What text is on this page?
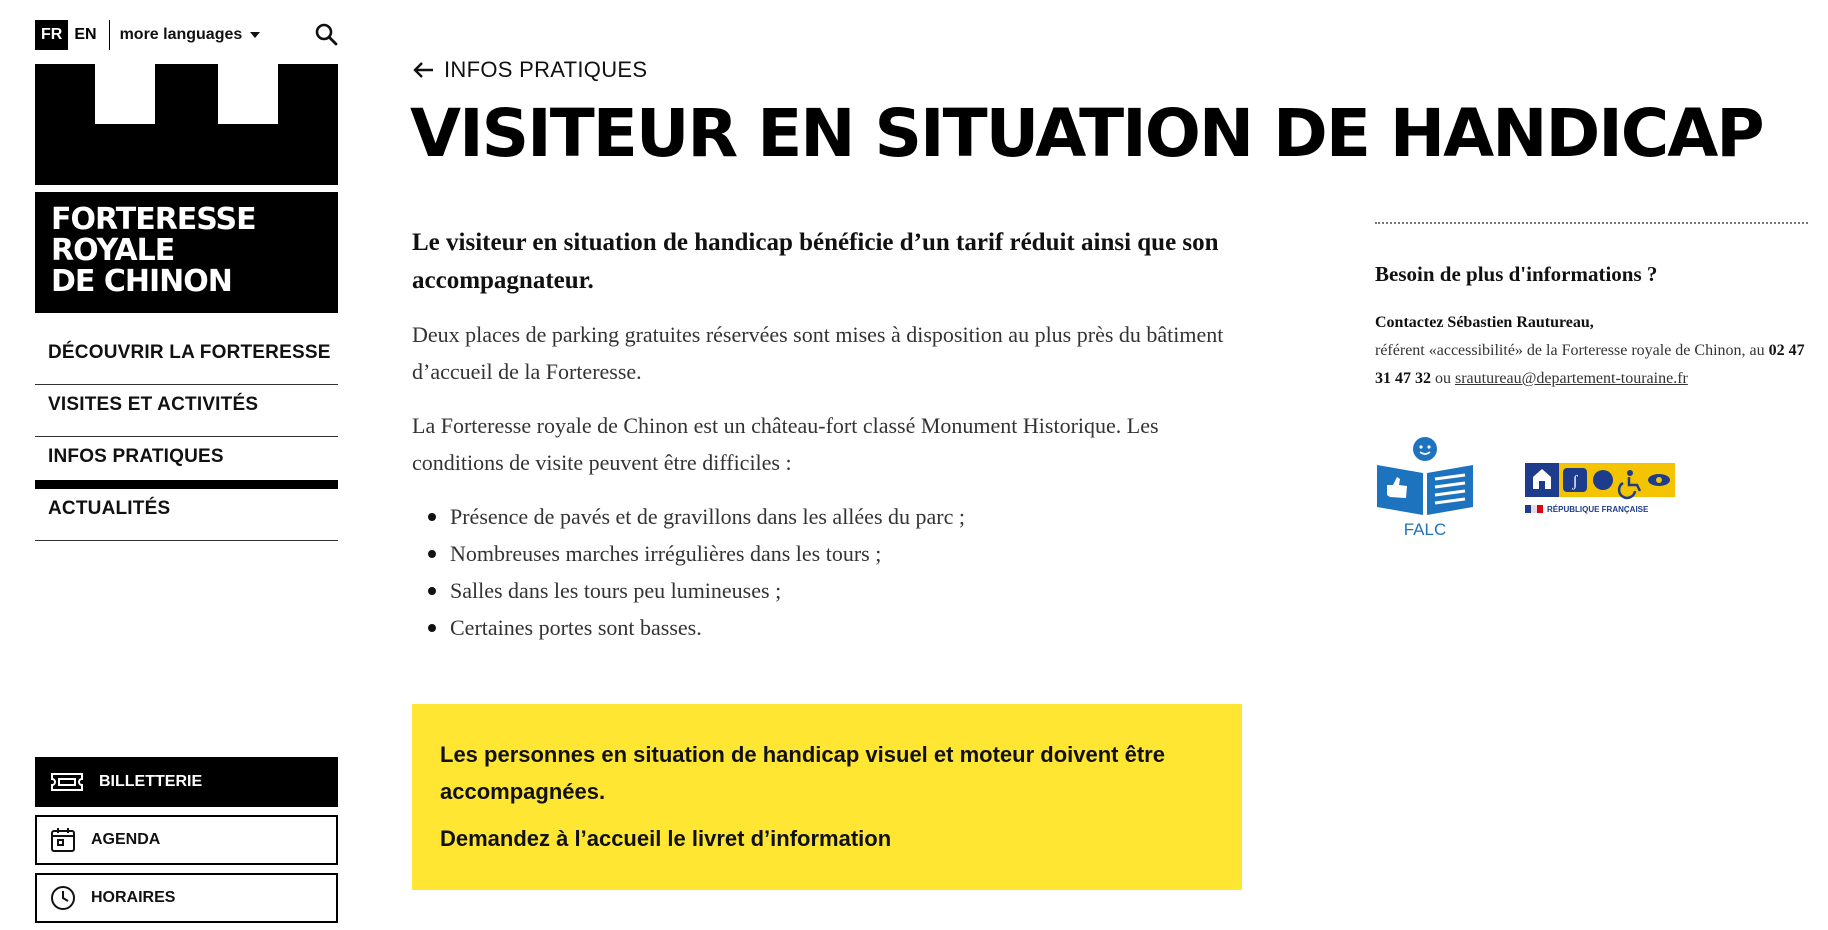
FR EN	more languages
FORTERESSE
ROYALE
DE CHINON
DÉCOUVRIR LA FORTERESSE
VISITES ET ACTIVITÉS
INFOS PRATIQUES
ACTUALITÉS
BILLETTERIE
AGENDA
HORAIRES
INFOS PRATIQUES
VISITEUR EN SITUATION DE HANDICAP

Le visiteur en situation de handicap bénéficie d’un tarif réduit ainsi que son accompagnateur.

Deux places de parking gratuites réservées sont mises à disposition au plus près du bâtiment d’accueil de la Forteresse.

La Forteresse royale de Chinon est un château-fort classé Monument Historique. Les conditions de visite peuvent être difficiles :

Présence de pavés et de gravillons dans les allées du parc ;
Nombreuses marches irrégulières dans les tours ;
Salles dans les tours peu lumineuses ;
Certaines portes sont basses.

Les personnes en situation de handicap visuel et moteur doivent être accompagnées.

Demandez à l’accueil le livret d’information

Besoin de plus d'informations ?

Contactez Sébastien Rautureau,
référent «accessibilité» de la Forteresse royale de Chinon, au 02 47 31 47 32 ou srautureau@departement-touraine.fr

FALC
ʃ
RÉPUBLIQUE FRANÇAISE
